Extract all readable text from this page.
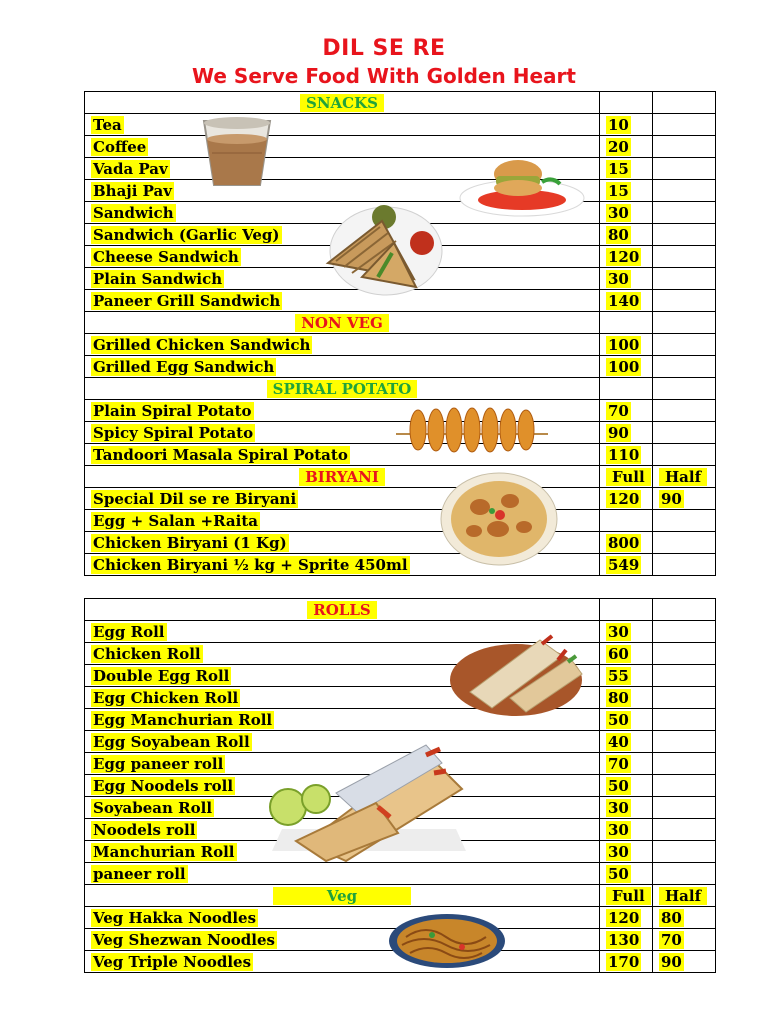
DIL SE RE
We Serve Food With Golden Heart
SNACKS		
Tea	10	
Coffee	20	
Vada Pav	15	
Bhaji Pav	15	
Sandwich	30	
Sandwich (Garlic Veg)	80	
Cheese Sandwich	120	
Plain Sandwich	30	
Paneer Grill Sandwich	140	
NON VEG		
Grilled Chicken Sandwich	100	
Grilled Egg Sandwich	100	
SPIRAL POTATO		
Plain Spiral Potato	70	
Spicy Spiral Potato	90	
Tandoori Masala Spiral Potato	110	
BIRYANI	Full	Half
Special Dil se re Biryani	120	90
Egg + Salan +Raita		
Chicken Biryani (1 Kg)	800	
Chicken Biryani ½ kg + Sprite 450ml	549	
ROLLS		
Egg Roll	30	
Chicken Roll	60	
Double Egg Roll	55	
Egg Chicken Roll	80	
Egg Manchurian Roll	50	
Egg Soyabean Roll	40	
Egg paneer roll	70	
Egg Noodels roll	50	
Soyabean Roll	30	
Noodels roll	30	
Manchurian Roll	30	
paneer roll	50	
Veg	Full	Half
Veg Hakka Noodles	120	80
Veg Shezwan Noodles	130	70
Veg Triple Noodles	170	90
